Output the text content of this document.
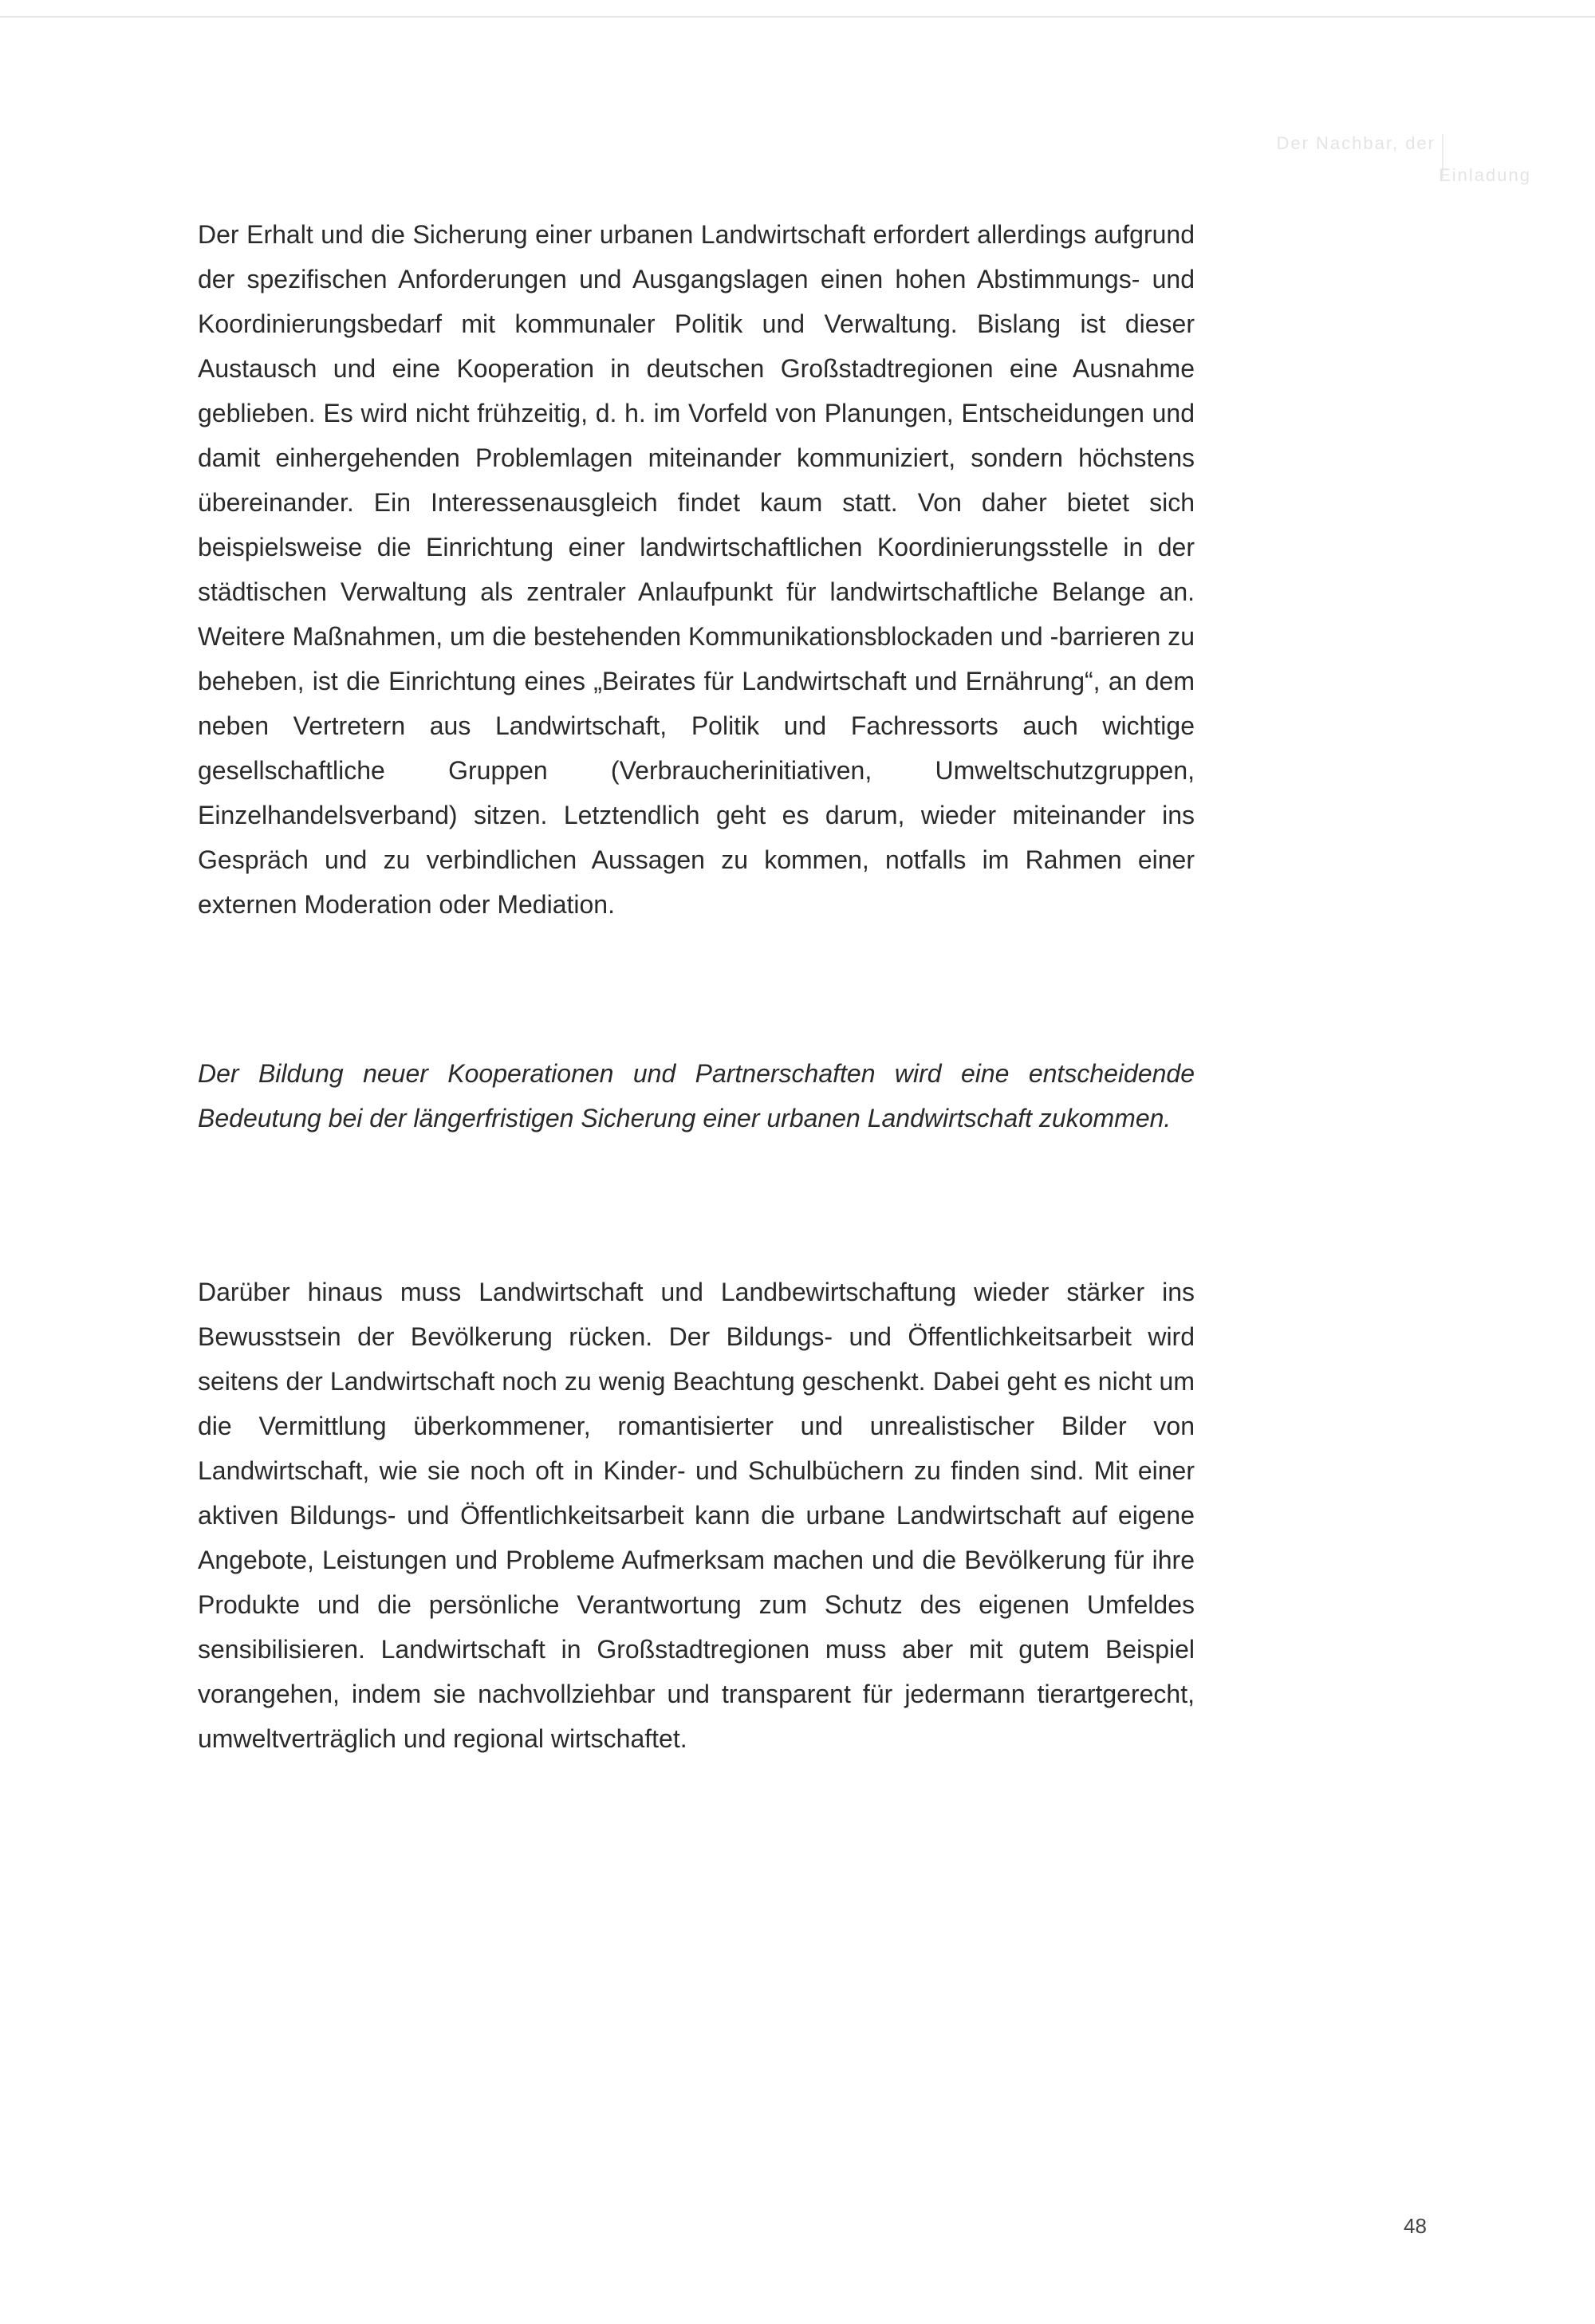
Der Nachbar, der
Einladung

Der Erhalt und die Sicherung einer urbanen Landwirtschaft erfordert allerdings aufgrund der spezifischen Anforderungen und Ausgangslagen einen hohen Abstimmungs- und Koordinierungsbedarf mit kommunaler Politik und Verwaltung. Bislang ist dieser Austausch und eine Kooperation in deutschen Großstadtregionen eine Ausnahme geblieben. Es wird nicht frühzeitig, d. h. im Vorfeld von Planungen, Entscheidungen und damit einhergehenden Problemlagen miteinander kommuniziert, sondern höchstens übereinander. Ein Interessenausgleich findet kaum statt. Von daher bietet sich beispielsweise die Einrichtung einer landwirtschaftlichen Koordinierungsstelle in der städtischen Verwaltung als zentraler Anlaufpunkt für landwirtschaftliche Belange an. Weitere Maßnahmen, um die bestehenden Kommunikationsblockaden und -barrieren zu beheben, ist die Einrichtung eines „Beirates für Landwirtschaft und Ernährung“, an dem neben Vertretern aus Landwirtschaft, Politik und Fachressorts auch wichtige gesellschaftliche Gruppen (Verbraucherinitiativen, Umweltschutzgruppen, Einzelhandelsverband) sitzen. Letztendlich geht es darum, wieder miteinander ins Gespräch und zu verbindlichen Aussagen zu kommen, notfalls im Rahmen einer externen Moderation oder Mediation.

Der Bildung neuer Kooperationen und Partnerschaften wird eine entscheidende Bedeutung bei der längerfristigen Sicherung einer urbanen Landwirtschaft zukommen.

Darüber hinaus muss Landwirtschaft und Landbewirtschaftung wieder stärker ins Bewusstsein der Bevölkerung rücken. Der Bildungs- und Öffentlichkeitsarbeit wird seitens der Landwirtschaft noch zu wenig Beachtung geschenkt. Dabei geht es nicht um die Vermittlung überkommener, romantisierter und unrealistischer Bilder von Landwirtschaft, wie sie noch oft in Kinder- und Schulbüchern zu finden sind. Mit einer aktiven Bildungs- und Öffentlichkeitsarbeit kann die urbane Landwirtschaft auf eigene Angebote, Leistungen und Probleme Aufmerksam machen und die Bevölkerung für ihre Produkte und die persönliche Verantwortung zum Schutz des eigenen Umfeldes sensibilisieren. Landwirtschaft in Großstadtregionen muss aber mit gutem Beispiel vorangehen, indem sie nachvollziehbar und transparent für jedermann tierartgerecht, umweltverträglich und regional wirtschaftet.

48
